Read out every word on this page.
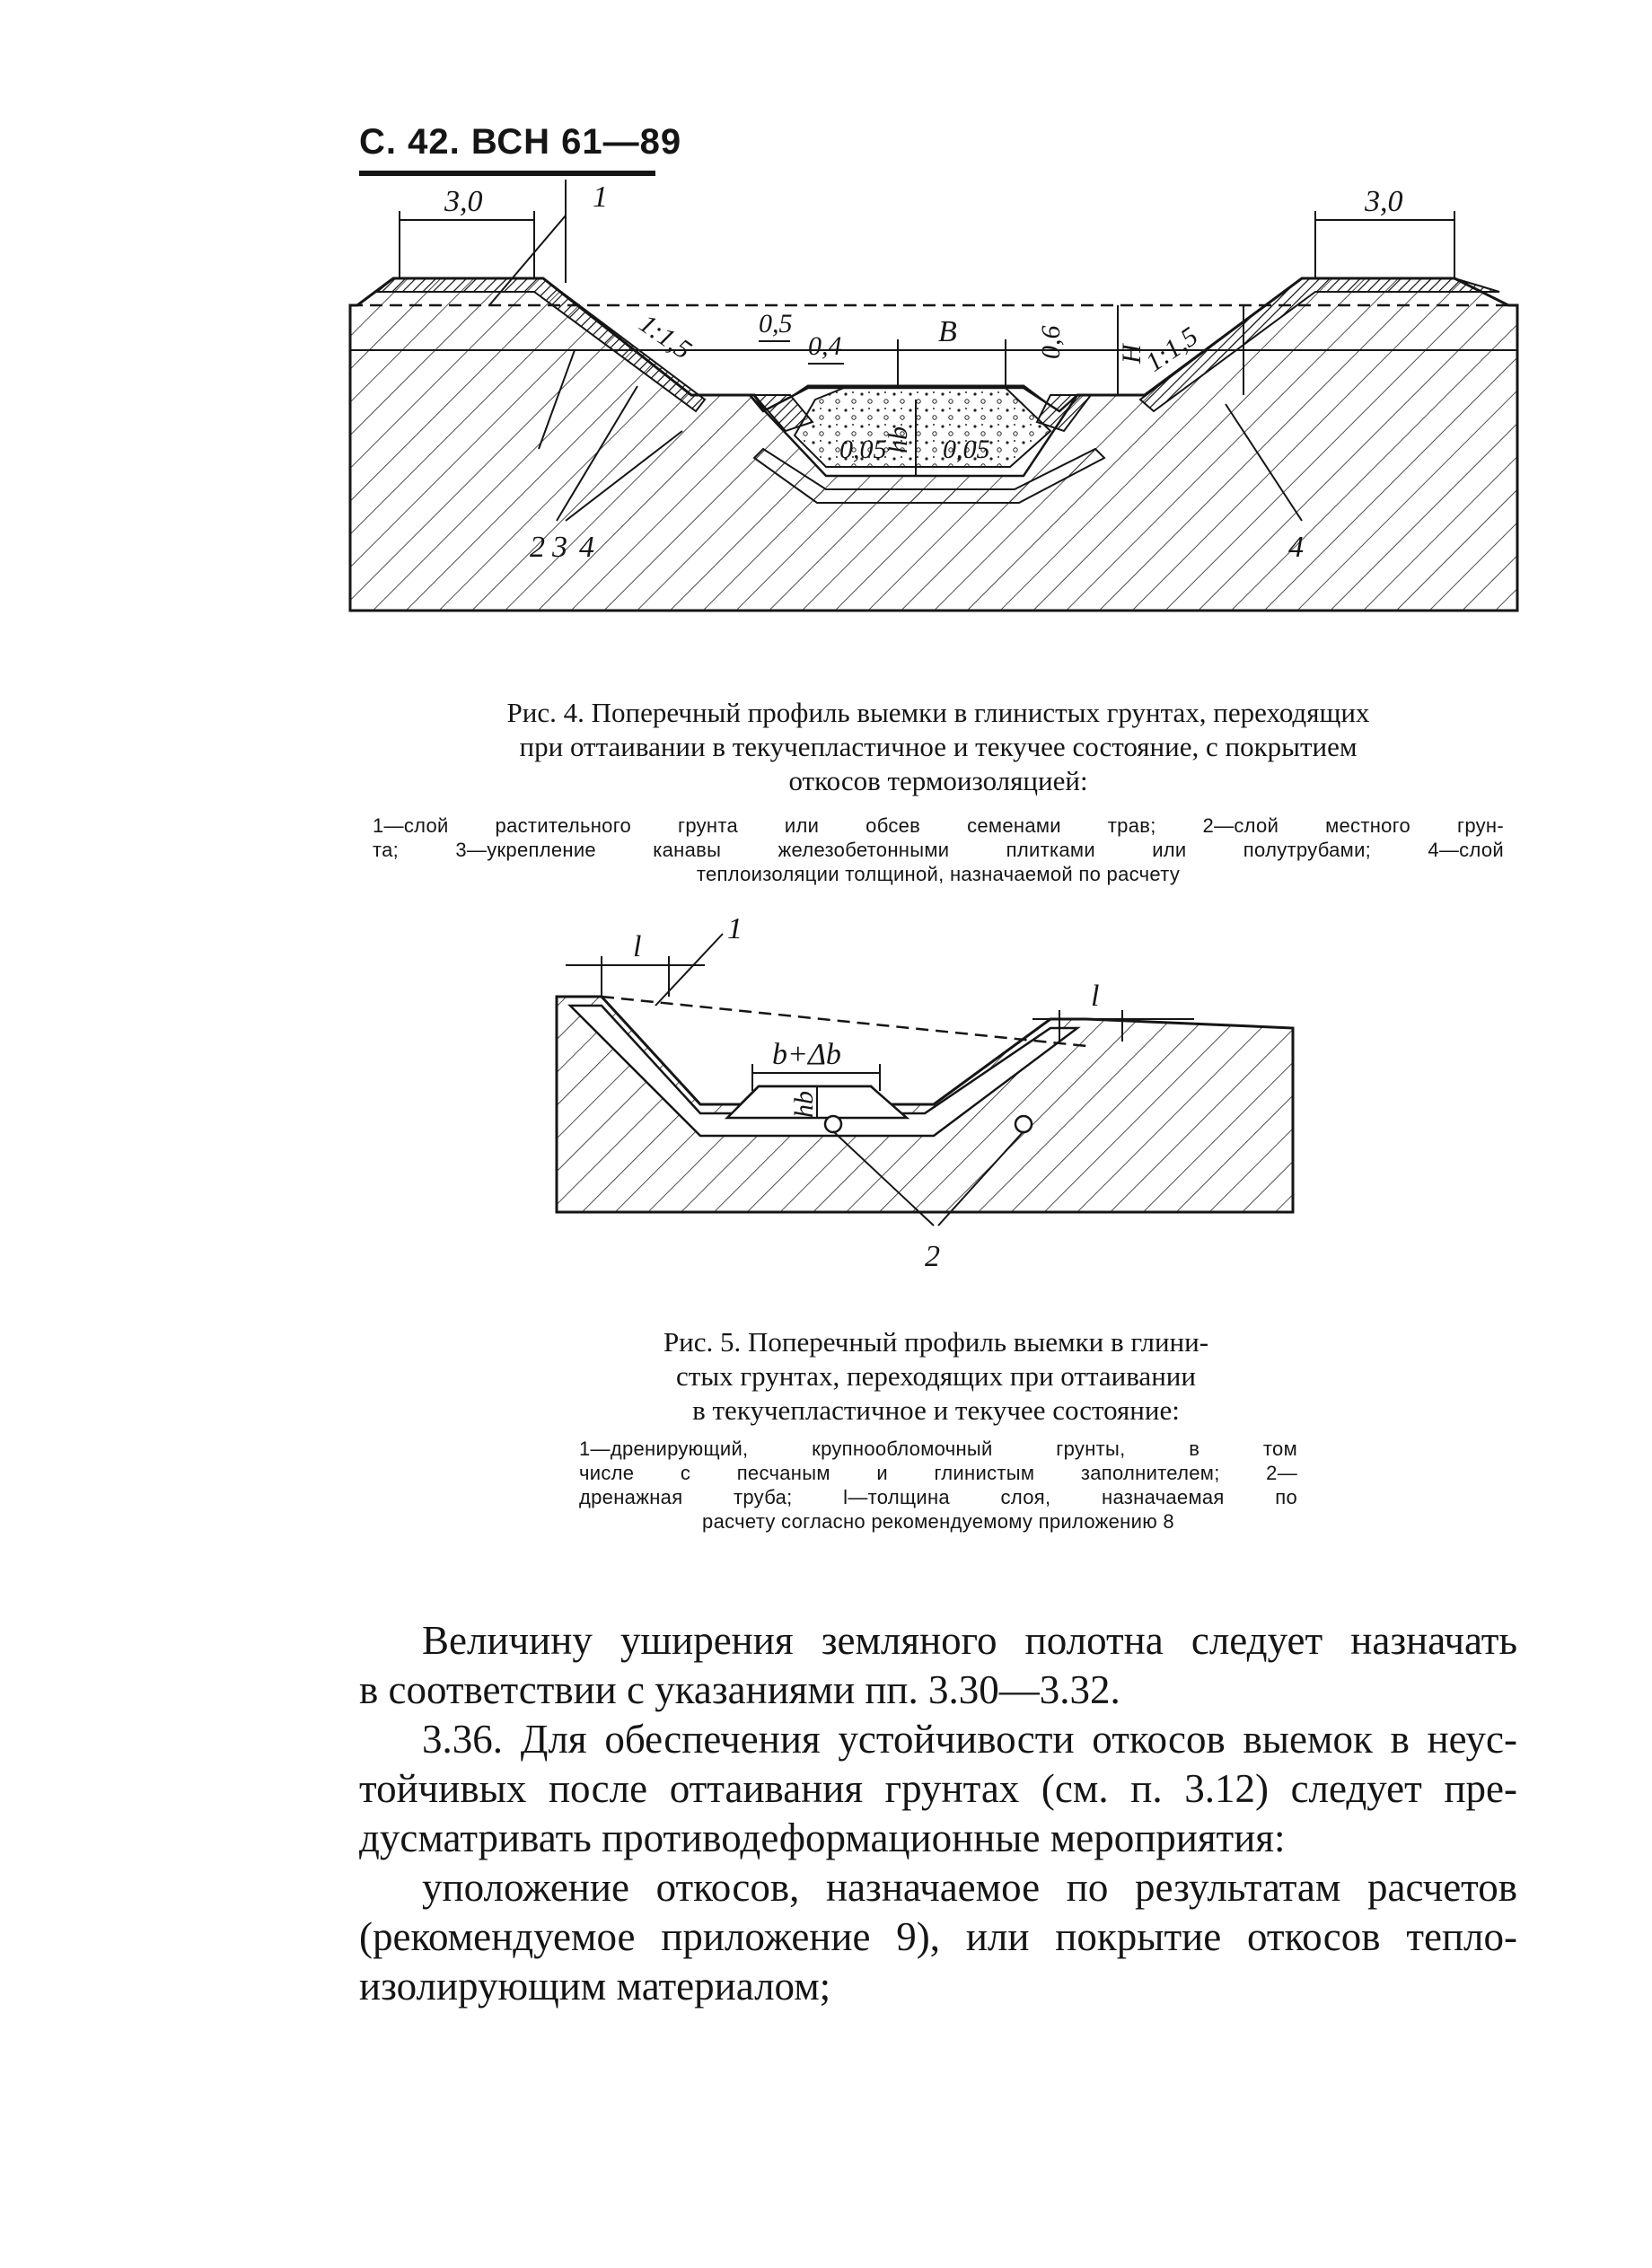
С. 42. ВСН 61—89
3,0	3,0
1
1:1,5	1:1,5
0,5
0,4	B	0,6 H
hb
0,05 0,05
2 3 4	4
Рис. 4. Поперечный профиль выемки в глинистых грунтах, переходящих
при оттаивании в текучепластичное и текучее состояние, с покрытием
откосов термоизоляцией:
1—слой растительного грунта или обсев семенами трав; 2—слой местного грун-
та; 3—укрепление канавы железобетонными плитками или полутрубами; 4—слой
теплоизоляции толщиной, назначаемой по расчету
l
l
b+Δb
hb
1
2
Рис. 5. Поперечный профиль выемки в глини-
стых грунтах, переходящих при оттаивании
в текучепластичное и текучее состояние:
1—дренирующий, крупнообломочный грунты, в том
числе с песчаным и глинистым заполнителем; 2—
дренажная труба; l—толщина слоя, назначаемая по
расчету согласно рекомендуемому приложению 8

Величину уширения земляного полотна следует назначать

в соответствии с указаниями пп. 3.30—3.32.

3.36. Для обеспечения устойчивости откосов выемок в неус-

тойчивых после оттаивания грунтах (см. п. 3.12) следует пре-

дусматривать противодеформационные мероприятия:

уположение откосов, назначаемое по результатам расчетов

(рекомендуемое приложение 9), или покрытие откосов тепло-

изолирующим материалом;
